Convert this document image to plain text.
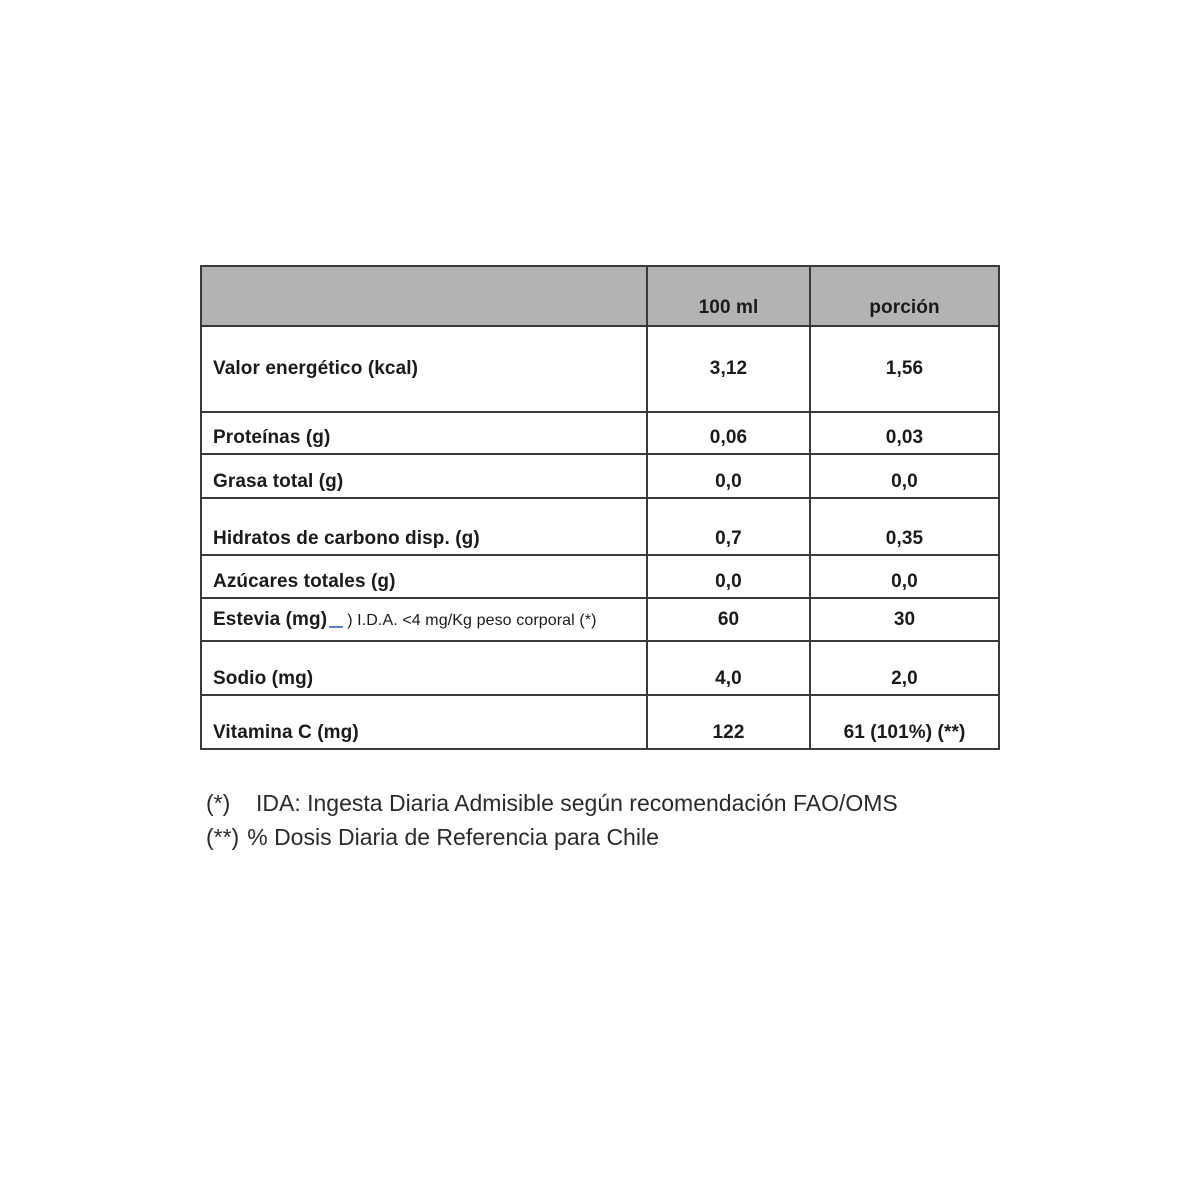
	100 ml	porción
Valor energético (kcal)	3,12	1,56
Proteínas (g)	0,06	0,03
Grasa total (g)	0,0	0,0
Hidratos de carbono disp. (g)	0,7	0,35
Azúcares totales (g)	0,0	0,0
Estevia (mg) ) I.D.A. <4 mg/Kg peso corporal (*)	60	30
Sodio (mg)	4,0	2,0
Vitamina C (mg)	122	61 (101%) (**)
(*) IDA: Ingesta Diaria Admisible según recomendación FAO/OMS
(**) % Dosis Diaria de Referencia para Chile
